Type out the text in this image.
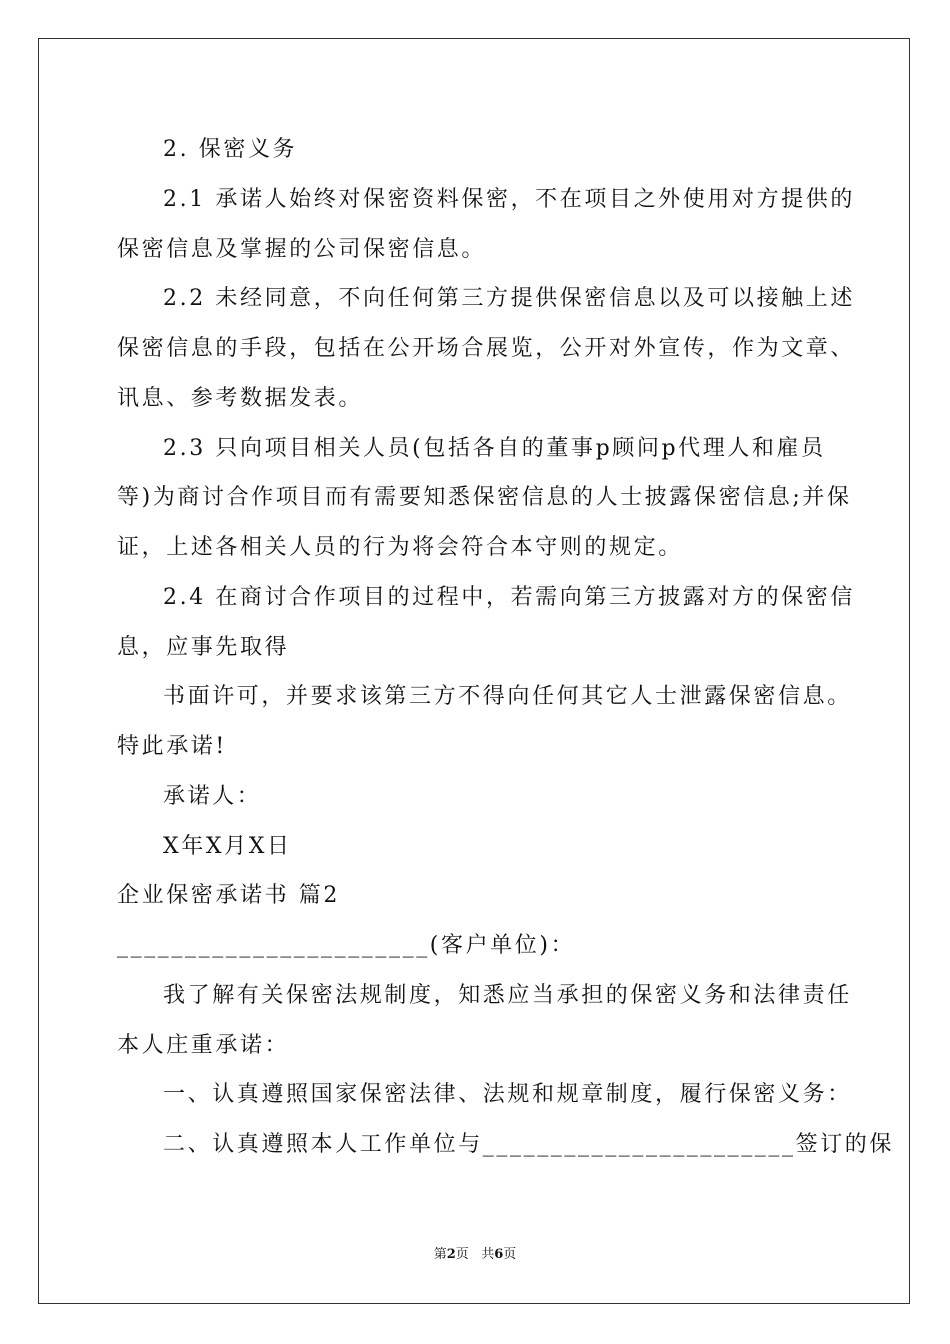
2. 保密义务
2.1 承诺人始终对保密资料保密，不在项目之外使用对方提供的
保密信息及掌握的公司保密信息。
2.2 未经同意，不向任何第三方提供保密信息以及可以接触上述
保密信息的手段，包括在公开场合展览，公开对外宣传，作为文章、
讯息、参考数据发表。
2.3 只向项目相关人员(包括各自的董事p顾问p代理人和雇员
等)为商讨合作项目而有需要知悉保密信息的人士披露保密信息;并保
证，上述各相关人员的行为将会符合本守则的规定。
2.4 在商讨合作项目的过程中，若需向第三方披露对方的保密信
息，应事先取得
书面许可，并要求该第三方不得向任何其它人士泄露保密信息。
特此承诺!
承诺人：
X年X月X日
企业保密承诺书 篇2
_______________________(客户单位)：
我了解有关保密法规制度，知悉应当承担的保密义务和法律责任
本人庄重承诺：
一、认真遵照国家保密法律、法规和规章制度，履行保密义务：
二、认真遵照本人工作单位与_______________________签订的保
第2页 共6页
